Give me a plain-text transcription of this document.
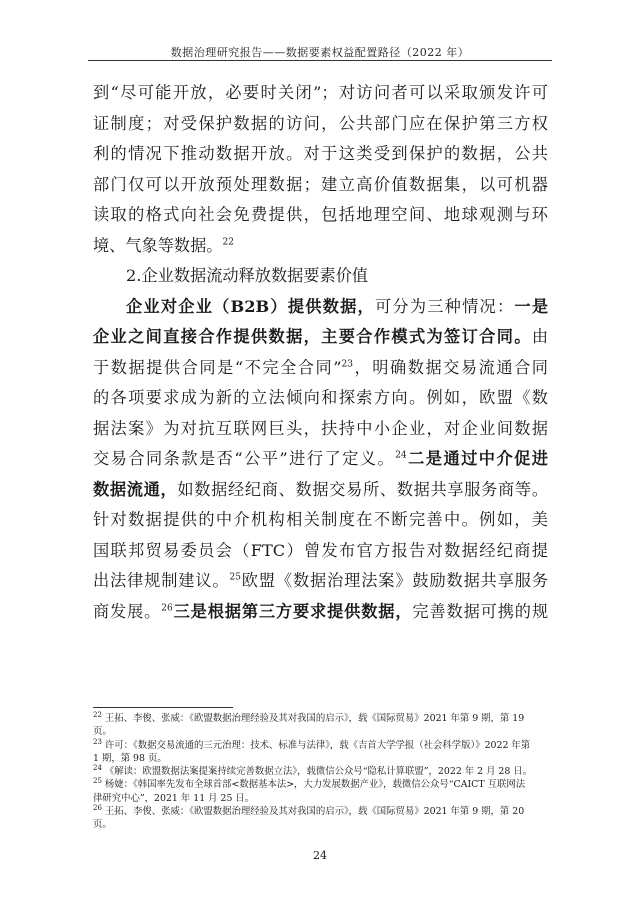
数据治理研究报告——数据要素权益配置路径（2022 年）
到“尽可能开放，必要时关闭”；对访问者可以采取颁发许可
证制度；对受保护数据的访问，公共部门应在保护第三方权
利的情况下推动数据开放。对于这类受到保护的数据，公共
部门仅可以开放预处理数据；建立高价值数据集，以可机器
读取的格式向社会免费提供，包括地理空间、地球观测与环
境、气象等数据。$^{22}$
2.企业数据流动释放数据要素价值
企业对企业（B2B）提供数据，可分为三种情况：一是
企业之间直接合作提供数据，主要合作模式为签订合同。由
于数据提供合同是“不完全合同”$^{23}$，明确数据交易流通合同
的各项要求成为新的立法倾向和探索方向。例如，欧盟《数
据法案》为对抗互联网巨头，扶持中小企业，对企业间数据
交易合同条款是否“公平”进行了定义。$^{24}$二是通过中介促进
数据流通，如数据经纪商、数据交易所、数据共享服务商等。
针对数据提供的中介机构相关制度在不断完善中。例如，美
国联邦贸易委员会（FTC）曾发布官方报告对数据经纪商提
出法律规制建议。$^{25}$欧盟《数据治理法案》鼓励数据共享服务
商发展。$^{26}$三是根据第三方要求提供数据，完善数据可携的规
$^{22}$ 王拓、李俊、张威：《欧盟数据治理经验及其对我国的启示》，载《国际贸易》2021 年第 9 期，第 19
页。
$^{23}$ 许可：《数据交易流通的三元治理：技术、标准与法律》，载《吉首大学学报（社会科学版）》2022 年第
1 期，第 98 页。
$^{24}$ 《解读：欧盟数据法案提案持续完善数据立法》，载微信公众号“隐私计算联盟”，2022 年 2 月 28 日。
$^{25}$ 杨婕：《韩国率先发布全球首部<数据基本法>，大力发展数据产业》，载微信公众号“CAICT 互联网法
律研究中心”，2021 年 11 月 25 日。
$^{26}$ 王拓、李俊、张威：《欧盟数据治理经验及其对我国的启示》，载《国际贸易》2021 年第 9 期，第 20
页。
24
